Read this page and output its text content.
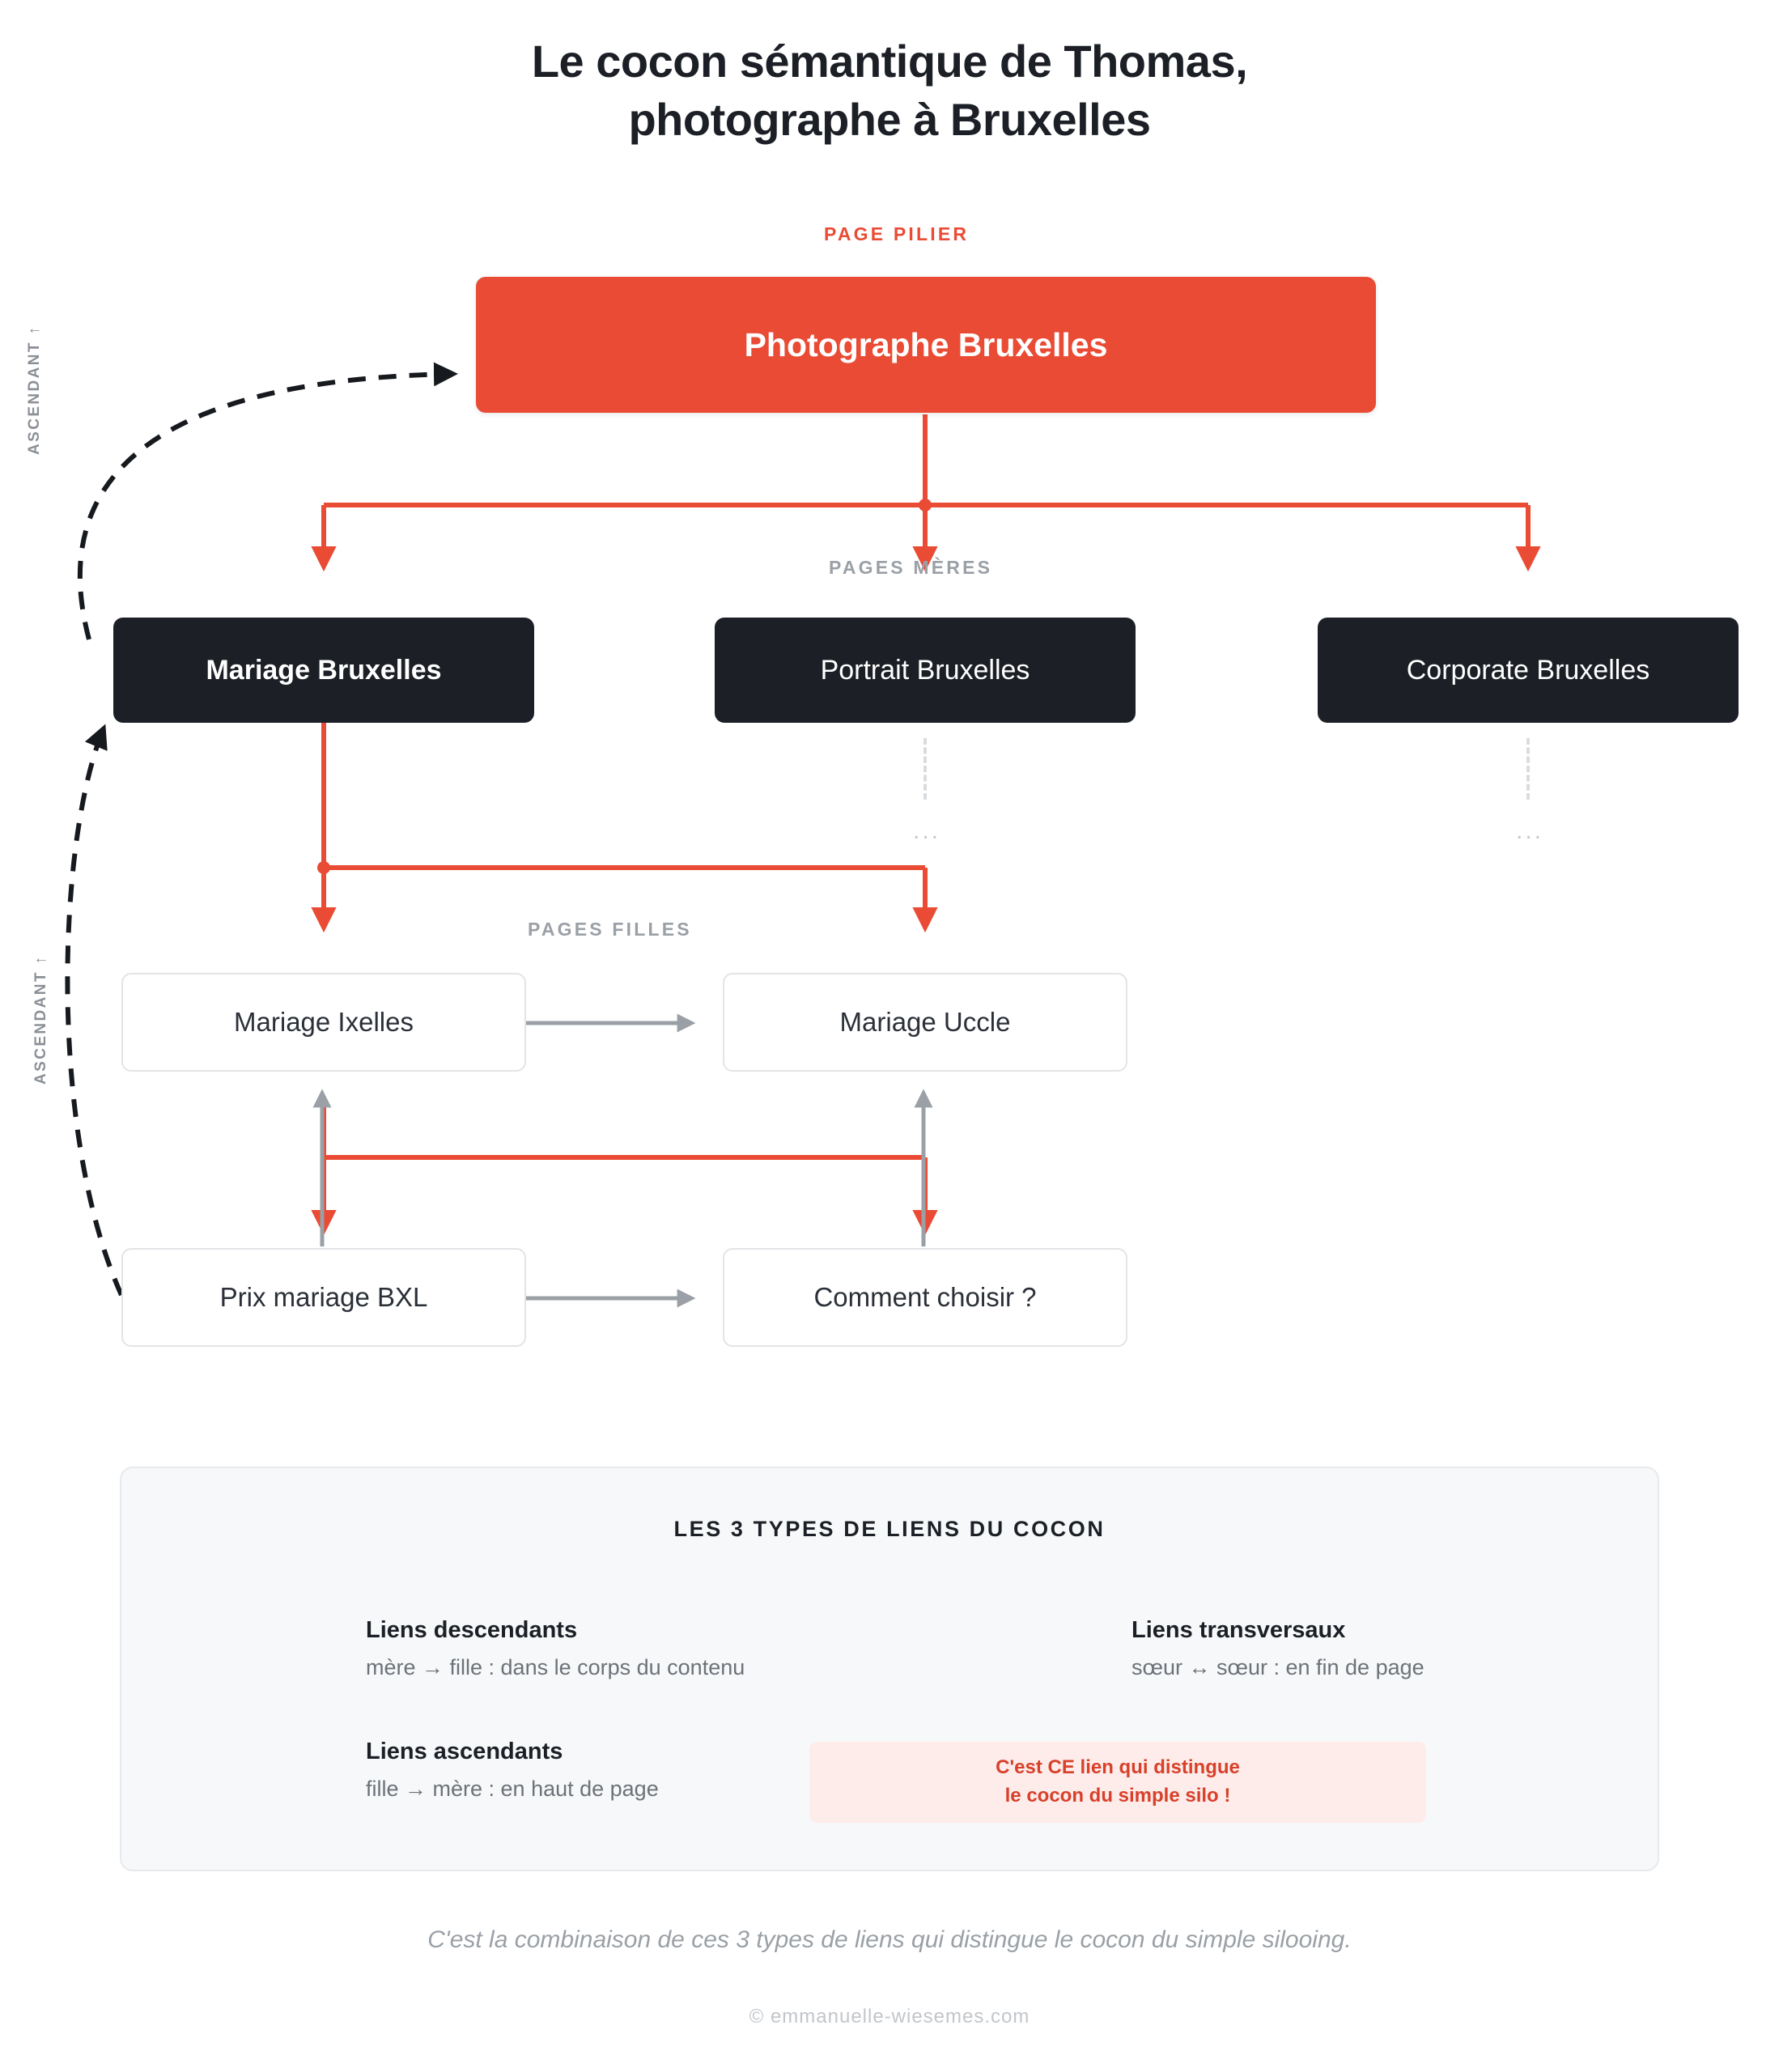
Le cocon sémantique de Thomas,
photographe à Bruxelles
PAGE PILIER
PAGES MÈRES
PAGES FILLES
ASCENDANT ↑
ASCENDANT ↑
Photographe Bruxelles
Mariage Bruxelles	Portrait Bruxelles	Corporate Bruxelles
...	...
Mariage Ixelles	Mariage Uccle
Prix mariage BXL	Comment choisir ?
LES 3 TYPES DE LIENS DU COCON
Liens descendants
mère → fille : dans le corps du contenu
Liens ascendants
fille → mère : en haut de page
Liens transversaux
sœur ↔ sœur : en fin de page
C'est CE lien qui distingue
le cocon du simple silo !
C'est la combinaison de ces 3 types de liens qui distingue le cocon du simple silooing.
© emmanuelle-wiesemes.com
